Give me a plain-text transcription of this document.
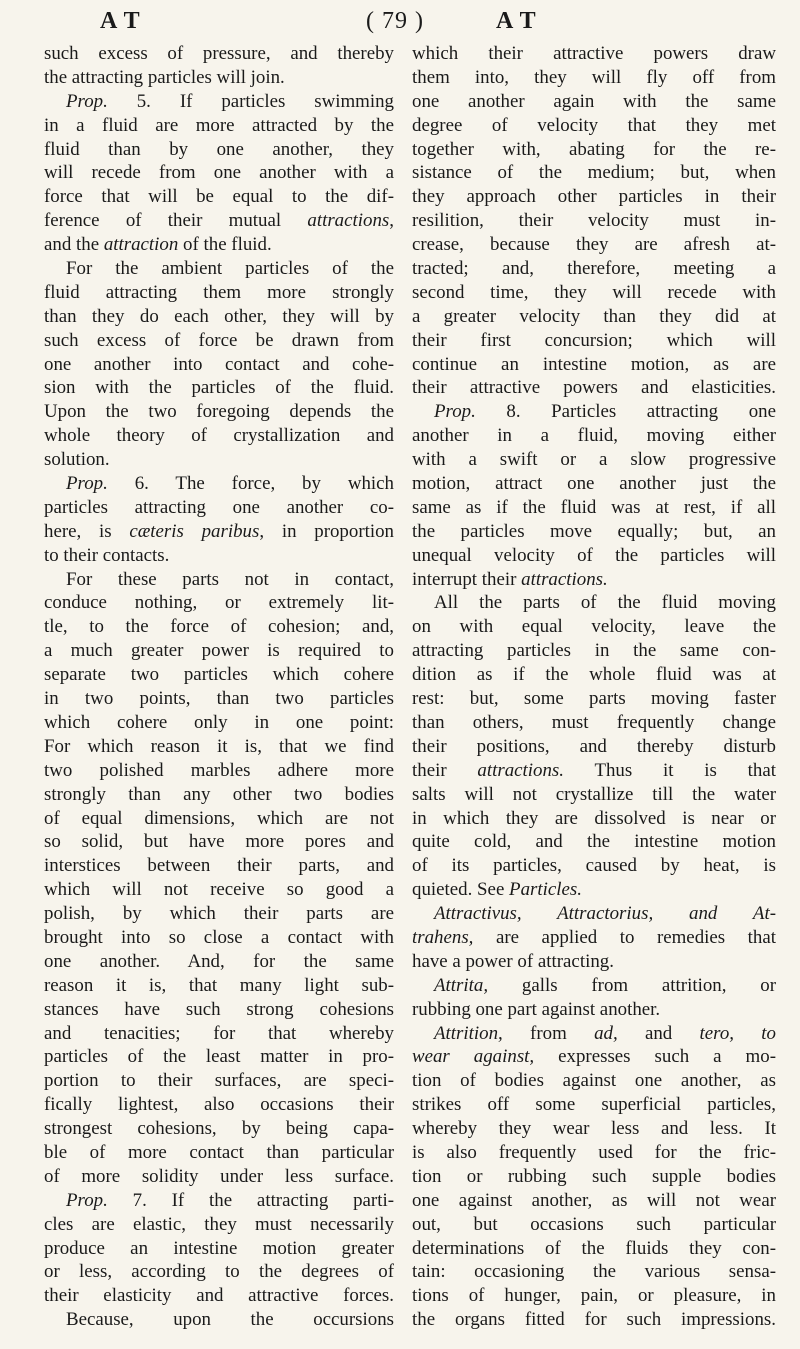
A T	( 79 )	A T
such excess of pressure, and thereby
the attracting particles will join.
Prop. 5. If particles swimming
in a fluid are more attracted by the
fluid than by one another, they
will recede from one another with a
force that will be equal to the dif-
ference of their mutual attractions,
and the attraction of the fluid.
For the ambient particles of the
fluid attracting them more strongly
than they do each other, they will by
such excess of force be drawn from
one another into contact and cohe-
sion with the particles of the fluid.
Upon the two foregoing depends the
whole theory of crystallization and
solution.
Prop. 6. The force, by which
particles attracting one another co-
here, is cæteris paribus, in proportion
to their contacts.
For these parts not in contact,
conduce nothing, or extremely lit-
tle, to the force of cohesion; and,
a much greater power is required to
separate two particles which cohere
in two points, than two particles
which cohere only in one point:
For which reason it is, that we find
two polished marbles adhere more
strongly than any other two bodies
of equal dimensions, which are not
so solid, but have more pores and
interstices between their parts, and
which will not receive so good a
polish, by which their parts are
brought into so close a contact with
one another. And, for the same
reason it is, that many light sub-
stances have such strong cohesions
and tenacities; for that whereby
particles of the least matter in pro-
portion to their surfaces, are speci-
fically lightest, also occasions their
strongest cohesions, by being capa-
ble of more contact than particular
of more solidity under less surface.
Prop. 7. If the attracting parti-
cles are elastic, they must necessarily
produce an intestine motion greater
or less, according to the degrees of
their elasticity and attractive forces.
Because, upon the occursions
which their attractive powers draw
them into, they will fly off from
one another again with the same
degree of velocity that they met
together with, abating for the re-
sistance of the medium; but, when
they approach other particles in their
resilition, their velocity must in-
crease, because they are afresh at-
tracted; and, therefore, meeting a
second time, they will recede with
a greater velocity than they did at
their first concursion; which will
continue an intestine motion, as are
their attractive powers and elasticities.
Prop. 8. Particles attracting one
another in a fluid, moving either
with a swift or a slow progressive
motion, attract one another just the
same as if the fluid was at rest, if all
the particles move equally; but, an
unequal velocity of the particles will
interrupt their attractions.
All the parts of the fluid moving
on with equal velocity, leave the
attracting particles in the same con-
dition as if the whole fluid was at
rest: but, some parts moving faster
than others, must frequently change
their positions, and thereby disturb
their attractions. Thus it is that
salts will not crystallize till the water
in which they are dissolved is near or
quite cold, and the intestine motion
of its particles, caused by heat, is
quieted. See Particles.
Attractivus, Attractorius, and At-
trahens, are applied to remedies that
have a power of attracting.
Attrita, galls from attrition, or
rubbing one part against another.
Attrition, from ad, and tero, to
wear against, expresses such a mo-
tion of bodies against one another, as
strikes off some superficial particles,
whereby they wear less and less. It
is also frequently used for the fric-
tion or rubbing such supple bodies
one against another, as will not wear
out, but occasions such particular
determinations of the fluids they con-
tain: occasioning the various sensa-
tions of hunger, pain, or pleasure, in
the organs fitted for such impressions.
